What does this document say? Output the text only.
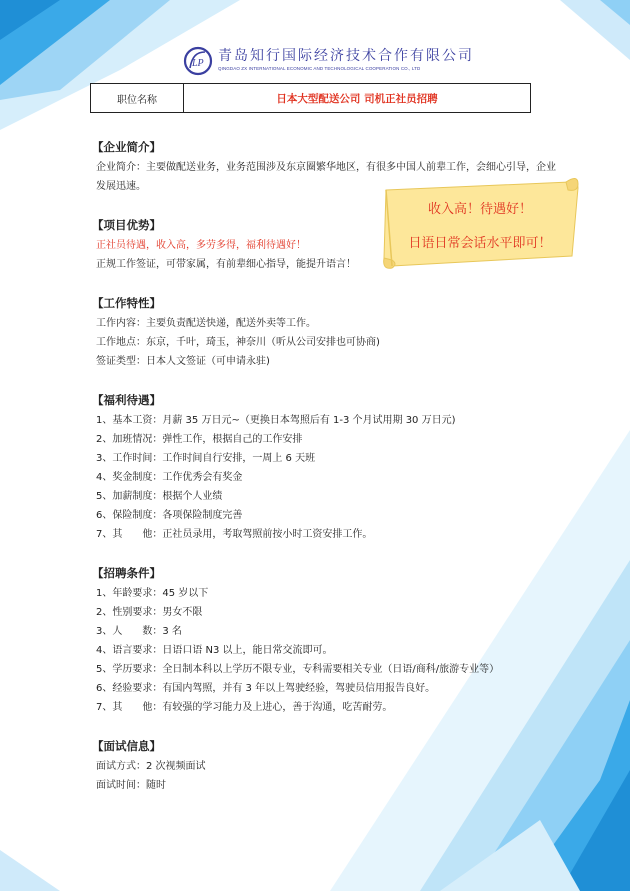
LP 青岛知行国际经济技术合作有限公司
QINGDAO ZX INTERNATIONAL ECONOMIC AND TECHNOLOGICAL COOPERATION CO., LTD
职位名称	日本大型配送公司 司机正社员招聘
收入高！待遇好！
日语日常会话水平即可！
【企业简介】
企业简介：主要做配送业务，业务范围涉及东京圈繁华地区，有很多中国人前辈工作，会细心引导，企业发展迅速。
【项目优势】
正社员待遇，收入高，多劳多得，福利待遇好！
正规工作签证，可带家属，有前辈细心指导，能提升语言！
【工作特性】
工作内容：主要负责配送快递，配送外卖等工作。
工作地点：东京，千叶，琦玉，神奈川（听从公司安排也可协商)
签证类型：日本人文签证（可申请永驻)
【福利待遇】
1、基本工资：月薪 35 万日元~（更换日本驾照后有 1-3 个月试用期 30 万日元)
2、加班情况：弹性工作，根据自己的工作安排
3、工作时间：工作时间自行安排，一周上 6 天班
4、奖金制度：工作优秀会有奖金
5、加薪制度：根据个人业绩
6、保险制度：各项保险制度完善
7、其　　他：正社员录用，考取驾照前按小时工资安排工作。
【招聘条件】
1、年龄要求：45 岁以下
2、性别要求：男女不限
3、人　　数：3 名
4、语言要求：日语口语 N3 以上，能日常交流即可。
5、学历要求：全日制本科以上学历不限专业，专科需要相关专业（日语/商科/旅游专业等）
6、经验要求：有国内驾照，并有 3 年以上驾驶经验，驾驶员信用报告良好。
7、其　　他：有较强的学习能力及上进心，善于沟通，吃苦耐劳。
【面试信息】
面试方式：2 次视频面试
面试时间：随时
